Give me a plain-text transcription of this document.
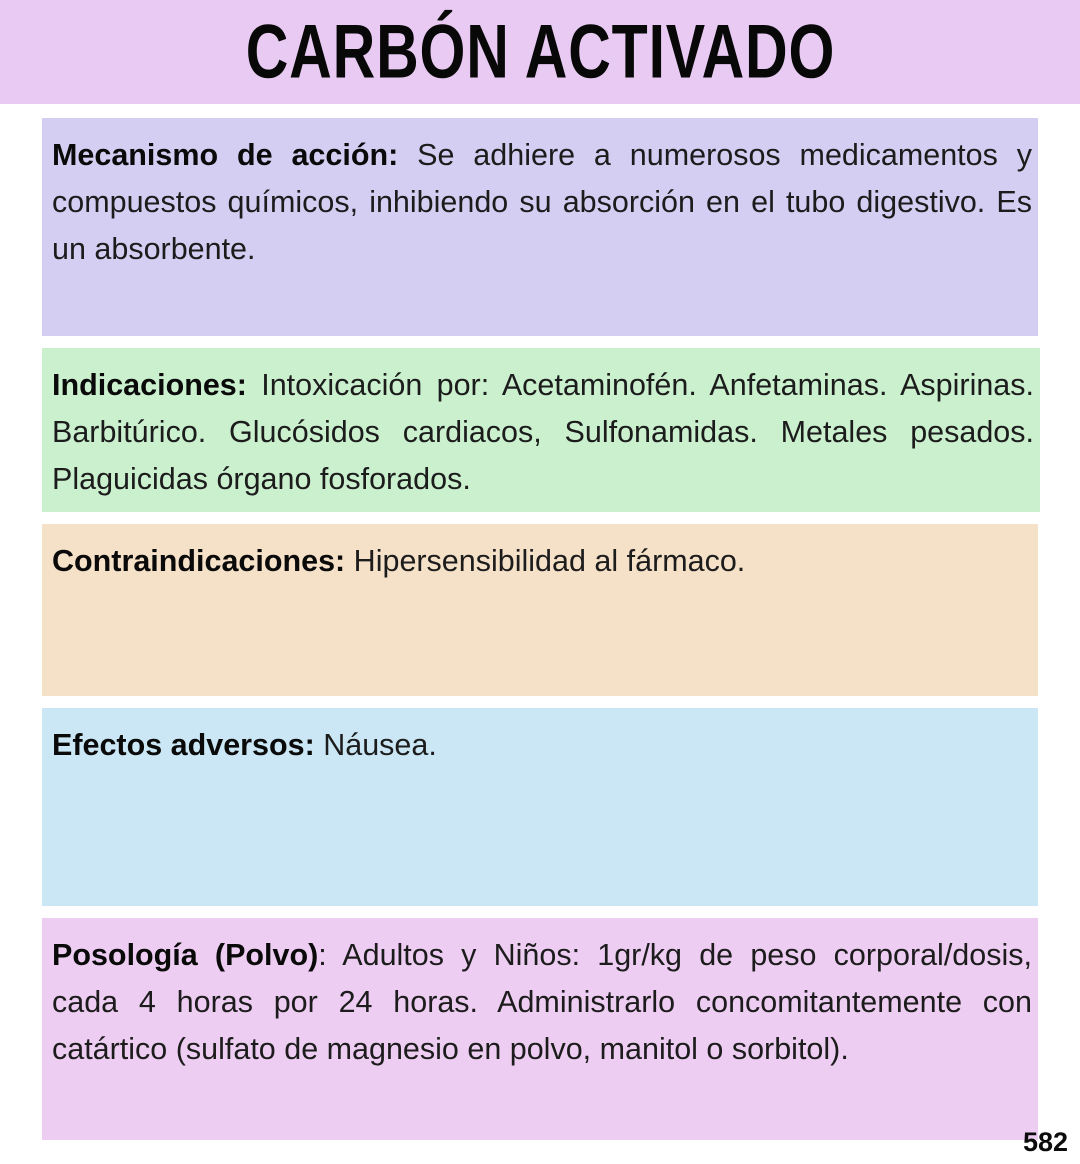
CARBÓN ACTIVADO
Mecanismo de acción: Se adhiere a numerosos medicamentos y compuestos químicos, inhibiendo su absorción en el tubo digestivo. Es un absorbente.
Indicaciones: Intoxicación por: Acetaminofén. Anfetaminas. Aspirinas. Barbitúrico. Glucósidos cardiacos, Sulfonamidas. Metales pesados. Plaguicidas órgano fosforados.
Contraindicaciones: Hipersensibilidad al fármaco.
Efectos adversos: Náusea.
Posología (Polvo): Adultos y Niños: 1gr/kg de peso corporal/dosis, cada 4 horas por 24 horas. Administrarlo concomitantemente con catártico (sulfato de magnesio en polvo, manitol o sorbitol).
582
